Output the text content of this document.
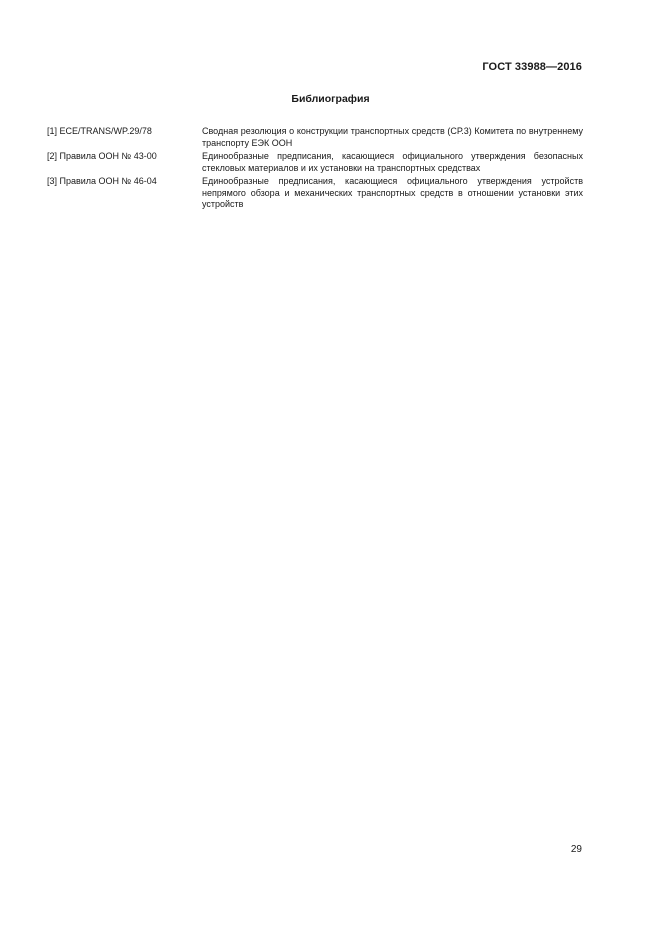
ГОСТ 33988—2016
Библиография
[1] ECE/TRANS/WP.29/78	Сводная резолюция о конструкции транспортных средств (СР.3) Комитета по внутреннему транспорту ЕЭК ООН
[2] Правила ООН № 43-00	Единообразные предписания, касающиеся официального утверждения безопасных стекловых материалов и их установки на транспортных средствах
[3] Правила ООН № 46-04	Единообразные предписания, касающиеся официального утверждения устройств непрямого обзора и механических транспортных средств в отношении установки этих устройств
29
